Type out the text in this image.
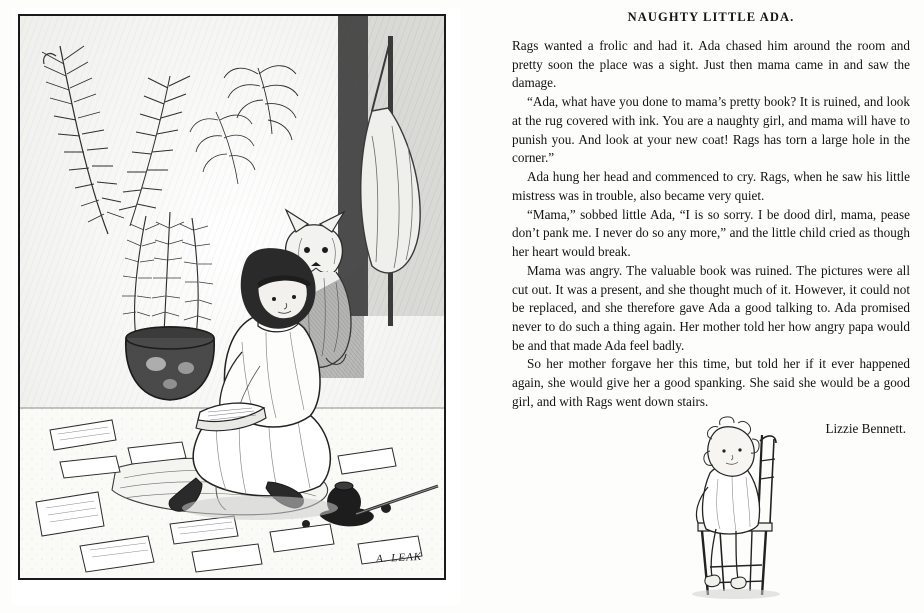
A. LEAK
NAUGHTY LITTLE ADA.

Rags wanted a frolic and had it. Ada chased him around the room and pretty soon the place was a sight. Just then mama came in and saw the damage.

“Ada, what have you done to mama’s pretty book? It is ruined, and look at the rug covered with ink. You are a naughty girl, and mama will have to punish you. And look at your new coat! Rags has torn a large hole in the corner.”

Ada hung her head and commenced to cry. Rags, when he saw his little mistress was in trouble, also became very quiet.

“Mama,” sobbed little Ada, “I is so sorry. I be dood dirl, mama, pease don’t pank me. I never do so any more,” and the little child cried as though her heart would break.

Mama was angry. The valuable book was ruined. The pictures were all cut out. It was a present, and she thought much of it. However, it could not be replaced, and she therefore gave Ada a good talking to. Ada promised never to do such a thing again. Her mother told her how angry papa would be and that made Ada feel badly.

So her mother forgave her this time, but told her if it ever happened again, she would give her a good spanking. She said she would be a good girl, and with Rags went down stairs.

Lizzie Bennett.
